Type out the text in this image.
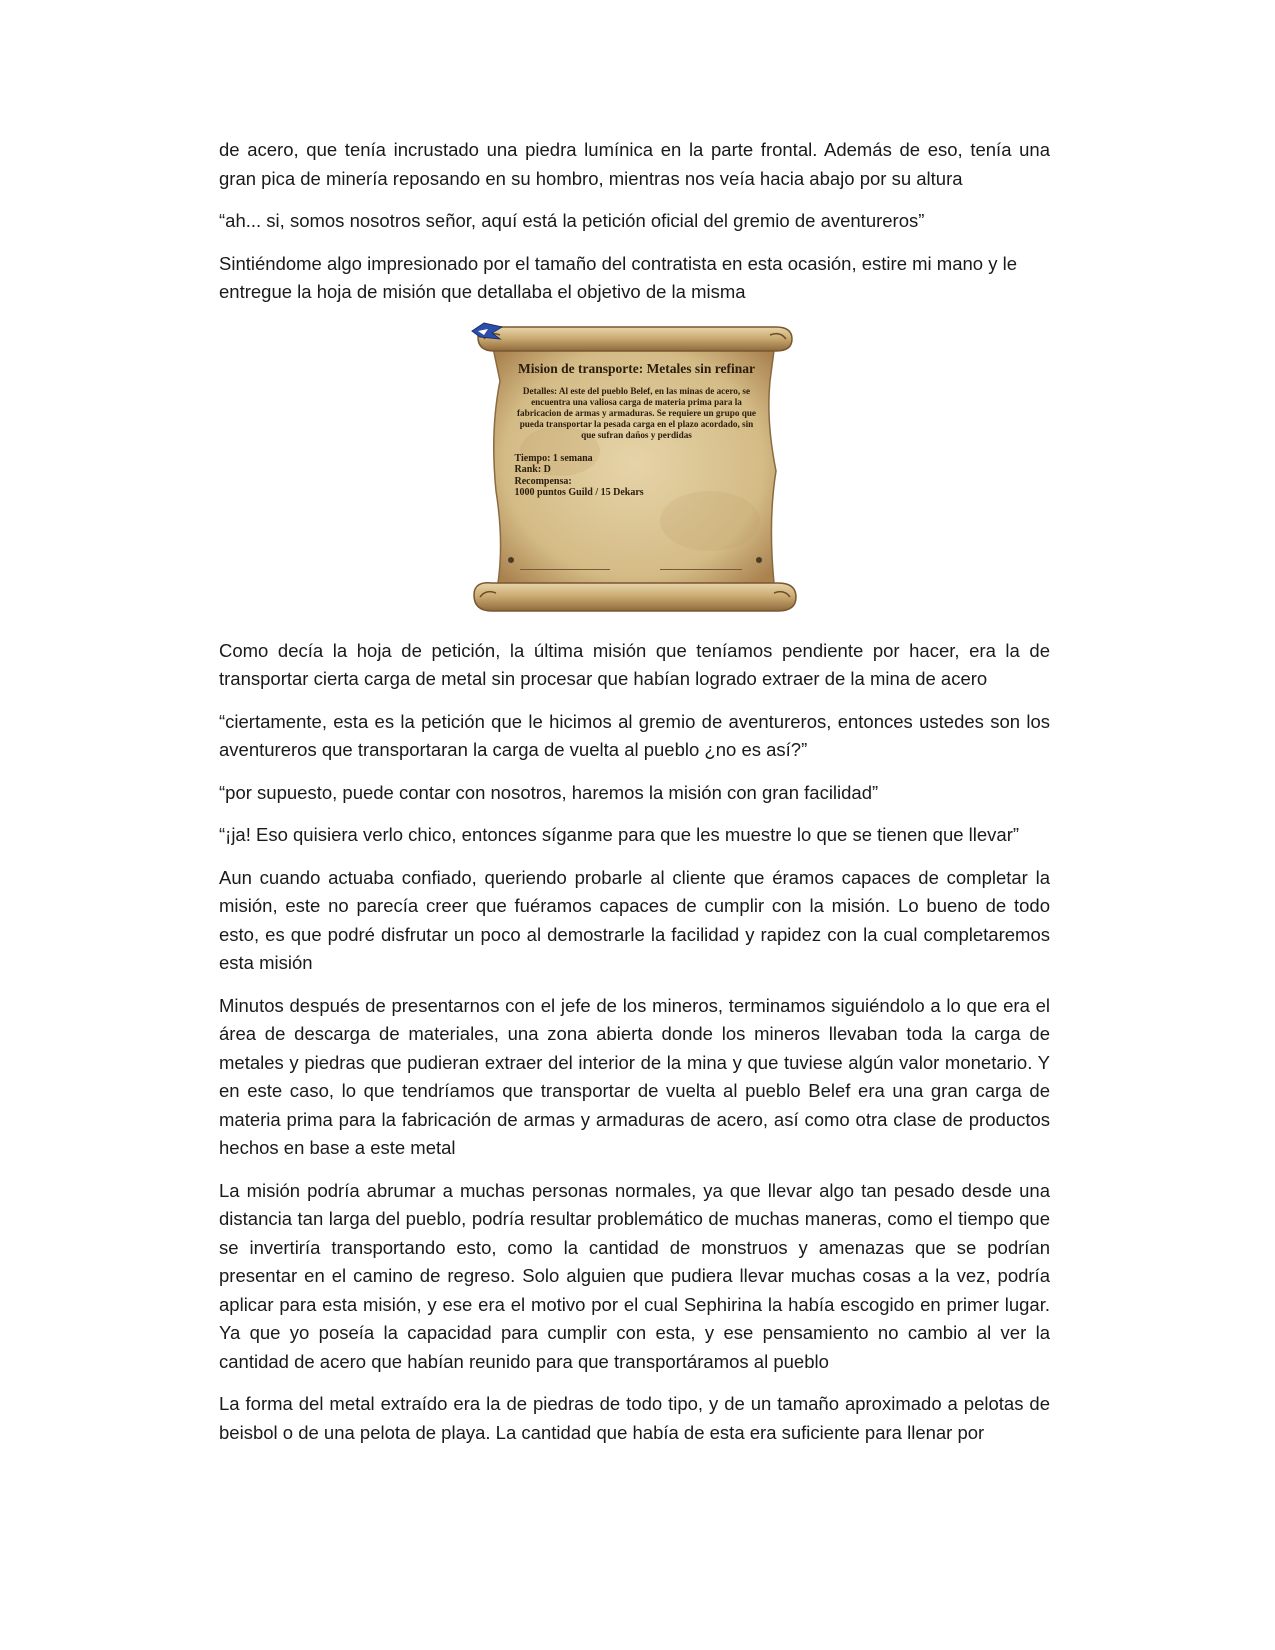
de acero, que tenía incrustado una piedra lumínica en la parte frontal. Además de eso, tenía una gran pica de minería reposando en su hombro, mientras nos veía hacia abajo por su altura

“ah... si, somos nosotros señor, aquí está la petición oficial del gremio de aventureros”

Sintiéndome algo impresionado por el tamaño del contratista en esta ocasión, estire mi mano y le entregue la hoja de misión que detallaba el objetivo de la misma

Mision de transporte: Metales sin refinar

Detalles: Al este del pueblo Belef, en las minas de acero, se encuentra una valiosa carga de materia prima para la fabricacion de armas y armaduras. Se requiere un grupo que pueda transportar la pesada carga en el plazo acordado, sin que sufran daños y perdidas

Tiempo: 1 semana

Rank: D

Recompensa:

1000 puntos Guild / 15 Dekars

Como decía la hoja de petición, la última misión que teníamos pendiente por hacer, era la de transportar cierta carga de metal sin procesar que habían logrado extraer de la mina de acero

“ciertamente, esta es la petición que le hicimos al gremio de aventureros, entonces ustedes son los aventureros que transportaran la carga de vuelta al pueblo ¿no es así?”

“por supuesto, puede contar con nosotros, haremos la misión con gran facilidad”

“¡ja! Eso quisiera verlo chico, entonces síganme para que les muestre lo que se tienen que llevar”

Aun cuando actuaba confiado, queriendo probarle al cliente que éramos capaces de completar la misión, este no parecía creer que fuéramos capaces de cumplir con la misión. Lo bueno de todo esto, es que podré disfrutar un poco al demostrarle la facilidad y rapidez con la cual completaremos esta misión

Minutos después de presentarnos con el jefe de los mineros, terminamos siguiéndolo a lo que era el área de descarga de materiales, una zona abierta donde los mineros llevaban toda la carga de metales y piedras que pudieran extraer del interior de la mina y que tuviese algún valor monetario. Y en este caso, lo que tendríamos que transportar de vuelta al pueblo Belef era una gran carga de materia prima para la fabricación de armas y armaduras de acero, así como otra clase de productos hechos en base a este metal

La misión podría abrumar a muchas personas normales, ya que llevar algo tan pesado desde una distancia tan larga del pueblo, podría resultar problemático de muchas maneras, como el tiempo que se invertiría transportando esto, como la cantidad de monstruos y amenazas que se podrían presentar en el camino de regreso. Solo alguien que pudiera llevar muchas cosas a la vez, podría aplicar para esta misión, y ese era el motivo por el cual Sephirina la había escogido en primer lugar. Ya que yo poseía la capacidad para cumplir con esta, y ese pensamiento no cambio al ver la cantidad de acero que habían reunido para que transportáramos al pueblo

La forma del metal extraído era la de piedras de todo tipo, y de un tamaño aproximado a pelotas de beisbol o de una pelota de playa. La cantidad que había de esta era suficiente para llenar por
